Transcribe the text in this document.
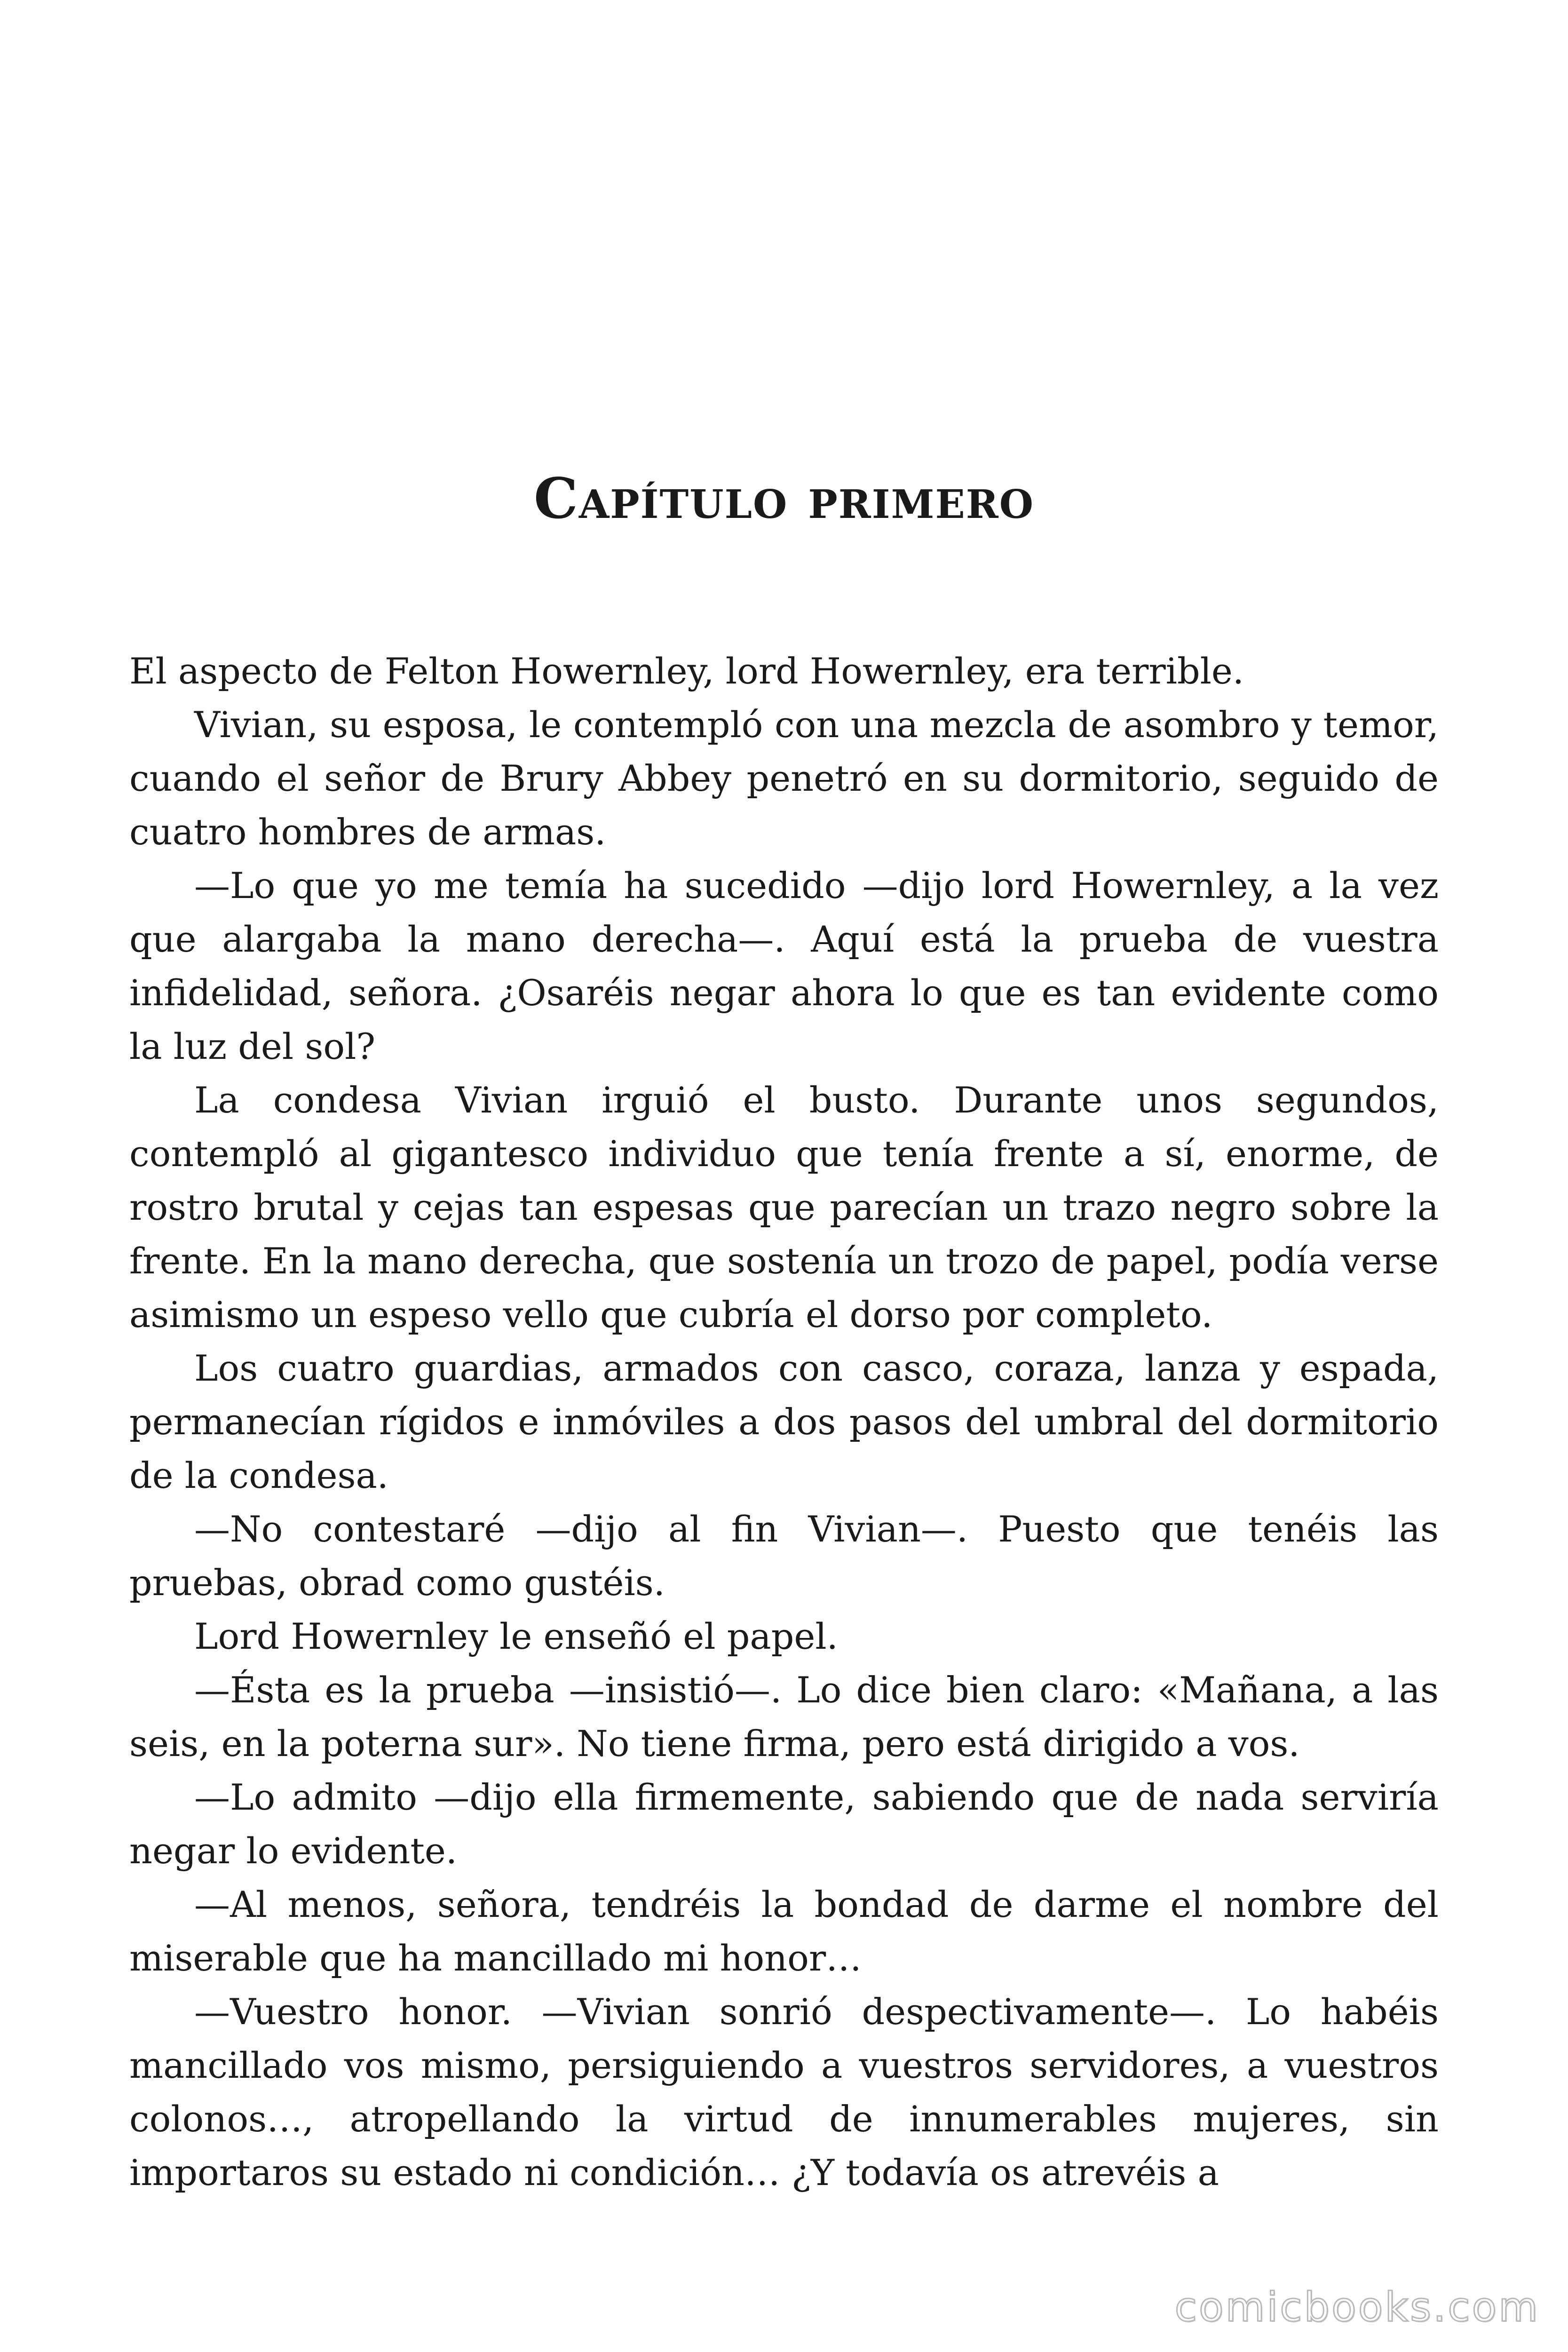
Capítulo primero

El aspecto de Felton Howernley, lord Howernley, era terrible.

Vivian, su esposa, le contempló con una mezcla de asombro y temor, cuando el señor de Brury Abbey penetró en su dormitorio, seguido de cuatro hombres de armas.

—Lo que yo me temía ha sucedido —dijo lord Howernley, a la vez que alargaba la mano derecha—. Aquí está la prueba de vuestra infidelidad, señora. ¿Osaréis negar ahora lo que es tan evidente como la luz del sol?

La condesa Vivian irguió el busto. Durante unos segundos, contempló al gigantesco individuo que tenía frente a sí, enorme, de rostro brutal y cejas tan espesas que parecían un trazo negro sobre la frente. En la mano derecha, que sostenía un trozo de papel, podía verse asimismo un espeso vello que cubría el dorso por completo.

Los cuatro guardias, armados con casco, coraza, lanza y espada, permanecían rígidos e inmóviles a dos pasos del umbral del dormitorio de la condesa.

—No contestaré —dijo al fin Vivian—. Puesto que tenéis las pruebas, obrad como gustéis.

Lord Howernley le enseñó el papel.

—Ésta es la prueba —insistió—. Lo dice bien claro: «Mañana, a las seis, en la poterna sur». No tiene firma, pero está dirigido a vos.

—Lo admito —dijo ella firmemente, sabiendo que de nada serviría negar lo evidente.

—Al menos, señora, tendréis la bondad de darme el nombre del miserable que ha mancillado mi honor…

—Vuestro honor. —Vivian sonrió despectivamente—. Lo habéis mancillado vos mismo, persiguiendo a vuestros servidores, a vuestros colonos…, atropellando la virtud de innumerables mujeres, sin importaros su estado ni condición… ¿Y todavía os atrevéis a

comicbooks.com
